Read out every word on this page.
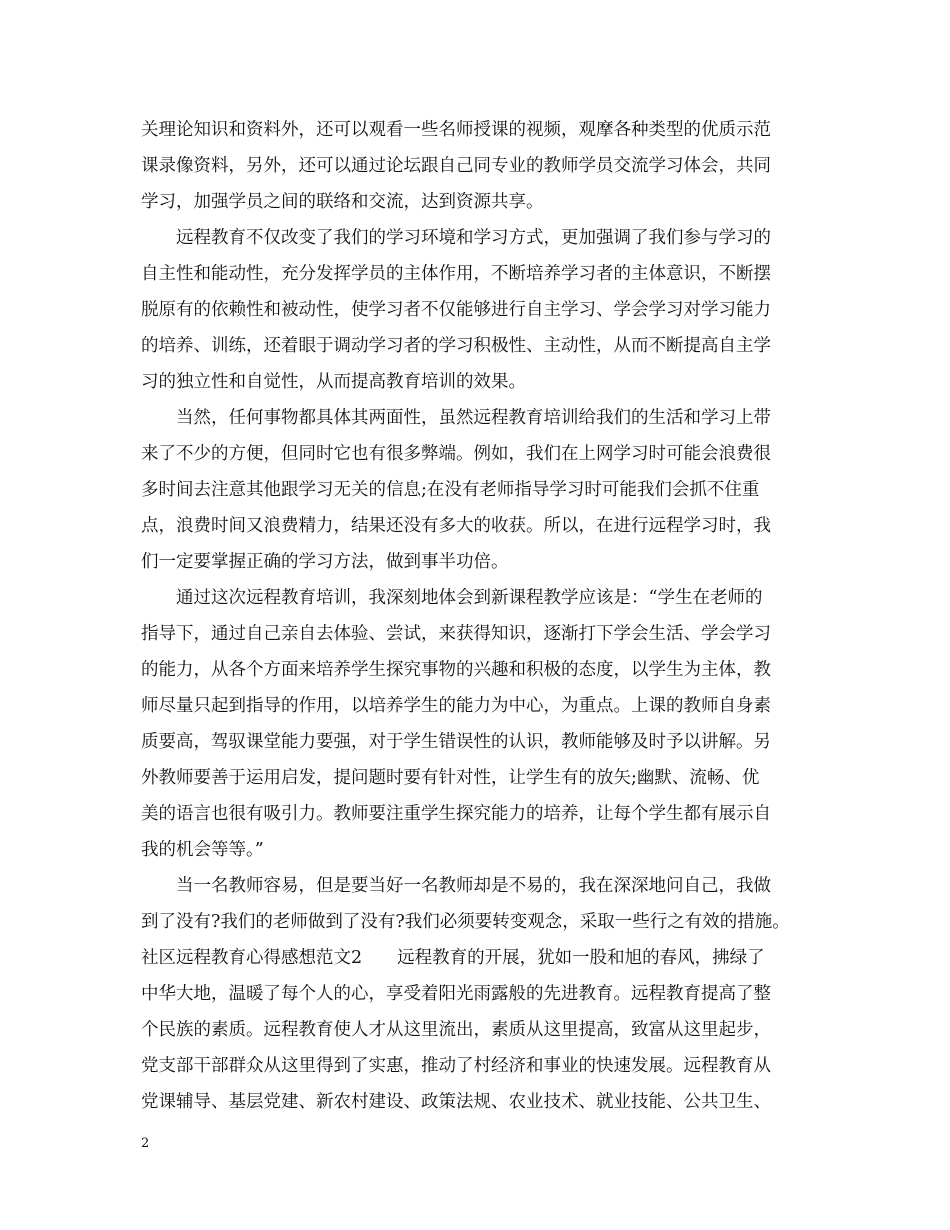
关理论知识和资料外，还可以观看一些名师授课的视频，观摩各种类型的优质示范
课录像资料，另外，还可以通过论坛跟自己同专业的教师学员交流学习体会，共同
学习，加强学员之间的联络和交流，达到资源共享。
　　远程教育不仅改变了我们的学习环境和学习方式，更加强调了我们参与学习的
自主性和能动性，充分发挥学员的主体作用，不断培养学习者的主体意识，不断摆
脱原有的依赖性和被动性，使学习者不仅能够进行自主学习、学会学习对学习能力
的培养、训练，还着眼于调动学习者的学习积极性、主动性，从而不断提高自主学
习的独立性和自觉性，从而提高教育培训的效果。
　　当然，任何事物都具体其两面性，虽然远程教育培训给我们的生活和学习上带
来了不少的方便，但同时它也有很多弊端。例如，我们在上网学习时可能会浪费很
多时间去注意其他跟学习无关的信息;在没有老师指导学习时可能我们会抓不住重
点，浪费时间又浪费精力，结果还没有多大的收获。所以，在进行远程学习时，我
们一定要掌握正确的学习方法，做到事半功倍。
　　通过这次远程教育培训，我深刻地体会到新课程教学应该是：“学生在老师的
指导下，通过自己亲自去体验、尝试，来获得知识，逐渐打下学会生活、学会学习
的能力，从各个方面来培养学生探究事物的兴趣和积极的态度，以学生为主体，教
师尽量只起到指导的作用，以培养学生的能力为中心，为重点。上课的教师自身素
质要高，驾驭课堂能力要强，对于学生错误性的认识，教师能够及时予以讲解。另
外教师要善于运用启发，提问题时要有针对性，让学生有的放矢;幽默、流畅、优
美的语言也很有吸引力。教师要注重学生探究能力的培养，让每个学生都有展示自
我的机会等等。”
　　当一名教师容易，但是要当好一名教师却是不易的，我在深深地问自己，我做
到了没有?我们的老师做到了没有?我们必须要转变观念，采取一些行之有效的措施。
社区远程教育心得感想范文2　　远程教育的开展，犹如一股和旭的春风，拂绿了
中华大地，温暖了每个人的心，享受着阳光雨露般的先进教育。远程教育提高了整
个民族的素质。远程教育使人才从这里流出，素质从这里提高，致富从这里起步，
党支部干部群众从这里得到了实惠，推动了村经济和事业的快速发展。远程教育从
党课辅导、基层党建、新农村建设、政策法规、农业技术、就业技能、公共卫生、
2
